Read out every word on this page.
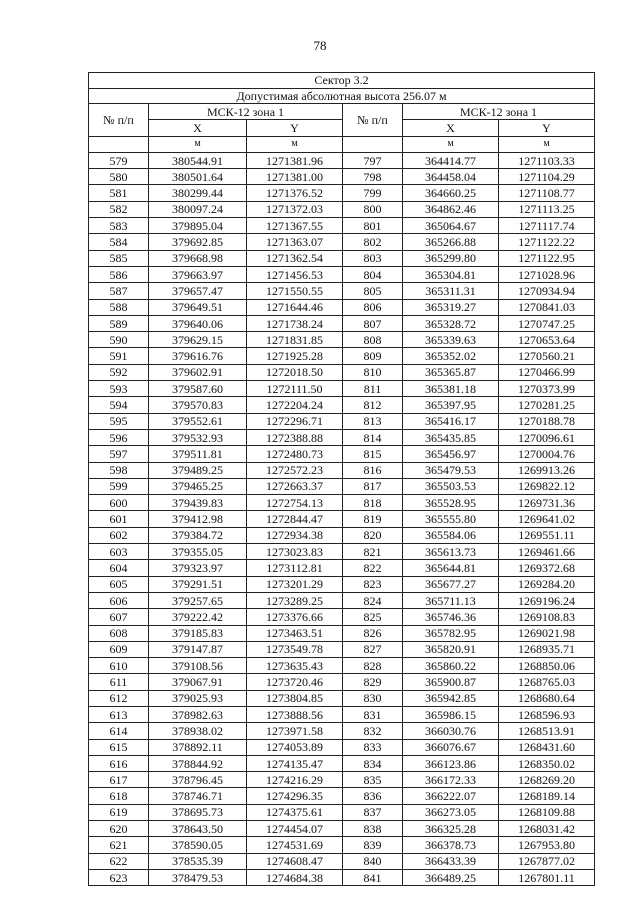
78
Сектор 3.2					
Допустимая абсолютная высота 256.07 м					
№ п/п	МСК-12 зона 1		№ п/п	МСК-12 зона 1	
	X	Y		X	Y
	м	м		м	м
579	380544.91	1271381.96	797	364414.77	1271103.33
580	380501.64	1271381.00	798	364458.04	1271104.29
581	380299.44	1271376.52	799	364660.25	1271108.77
582	380097.24	1271372.03	800	364862.46	1271113.25
583	379895.04	1271367.55	801	365064.67	1271117.74
584	379692.85	1271363.07	802	365266.88	1271122.22
585	379668.98	1271362.54	803	365299.80	1271122.95
586	379663.97	1271456.53	804	365304.81	1271028.96
587	379657.47	1271550.55	805	365311.31	1270934.94
588	379649.51	1271644.46	806	365319.27	1270841.03
589	379640.06	1271738.24	807	365328.72	1270747.25
590	379629.15	1271831.85	808	365339.63	1270653.64
591	379616.76	1271925.28	809	365352.02	1270560.21
592	379602.91	1272018.50	810	365365.87	1270466.99
593	379587.60	1272111.50	811	365381.18	1270373.99
594	379570.83	1272204.24	812	365397.95	1270281.25
595	379552.61	1272296.71	813	365416.17	1270188.78
596	379532.93	1272388.88	814	365435.85	1270096.61
597	379511.81	1272480.73	815	365456.97	1270004.76
598	379489.25	1272572.23	816	365479.53	1269913.26
599	379465.25	1272663.37	817	365503.53	1269822.12
600	379439.83	1272754.13	818	365528.95	1269731.36
601	379412.98	1272844.47	819	365555.80	1269641.02
602	379384.72	1272934.38	820	365584.06	1269551.11
603	379355.05	1273023.83	821	365613.73	1269461.66
604	379323.97	1273112.81	822	365644.81	1269372.68
605	379291.51	1273201.29	823	365677.27	1269284.20
606	379257.65	1273289.25	824	365711.13	1269196.24
607	379222.42	1273376.66	825	365746.36	1269108.83
608	379185.83	1273463.51	826	365782.95	1269021.98
609	379147.87	1273549.78	827	365820.91	1268935.71
610	379108.56	1273635.43	828	365860.22	1268850.06
611	379067.91	1273720.46	829	365900.87	1268765.03
612	379025.93	1273804.85	830	365942.85	1268680.64
613	378982.63	1273888.56	831	365986.15	1268596.93
614	378938.02	1273971.58	832	366030.76	1268513.91
615	378892.11	1274053.89	833	366076.67	1268431.60
616	378844.92	1274135.47	834	366123.86	1268350.02
617	378796.45	1274216.29	835	366172.33	1268269.20
618	378746.71	1274296.35	836	366222.07	1268189.14
619	378695.73	1274375.61	837	366273.05	1268109.88
620	378643.50	1274454.07	838	366325.28	1268031.42
621	378590.05	1274531.69	839	366378.73	1267953.80
622	378535.39	1274608.47	840	366433.39	1267877.02
623	378479.53	1274684.38	841	366489.25	1267801.11
